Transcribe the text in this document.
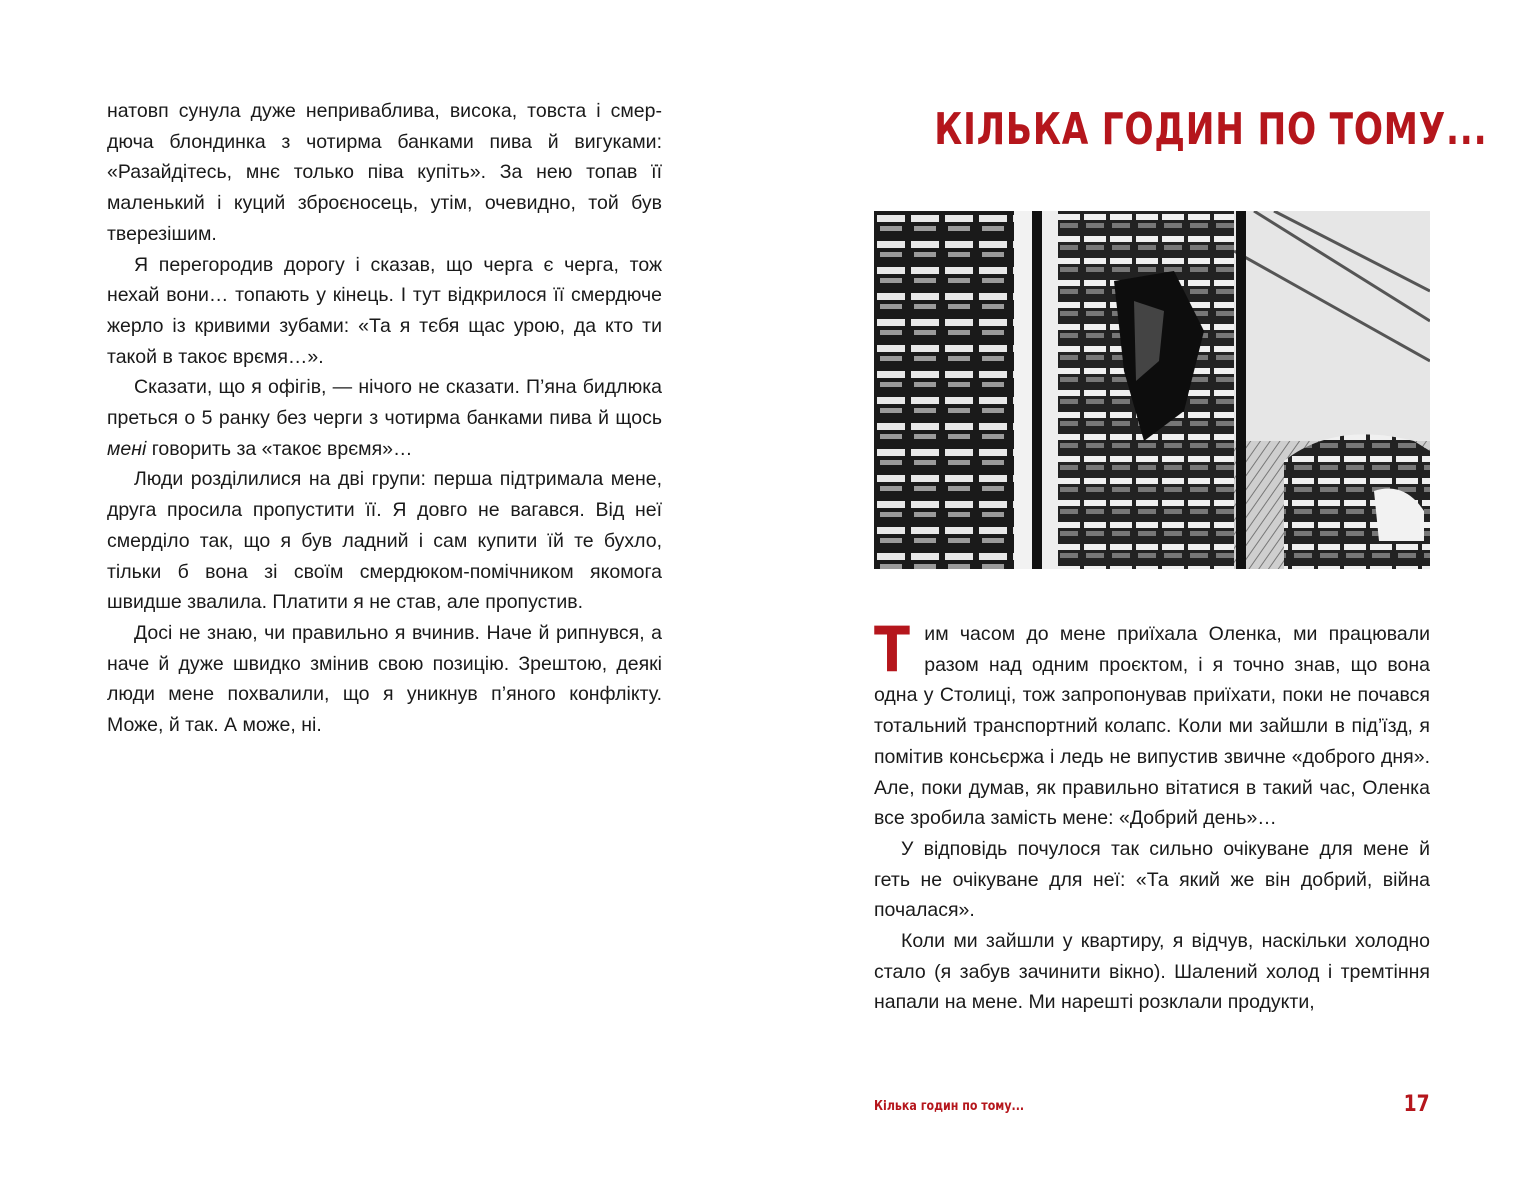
натовп сунула дуже неприваблива, висока, товста і смердюча блондинка з чотирма банками пива й вигуками: «Разайдітесь, мнє только піва купіть». За нею топав її маленький і куций зброєносець, утім, очевидно, той був тверезішим.

Я перегородив дорогу і сказав, що черга є черга, тож нехай вони… топають у кінець. І тут відкрилося її смердюче жерло із кривими зубами: «Та я тєбя щас урою, да кто ти такой в такоє врємя…».

Сказати, що я офігів, — нічого не сказати. П’яна бидлюка преться о 5 ранку без черги з чотирма банками пива й щось мені говорить за «такоє врємя»…

Люди розділилися на дві групи: перша підтримала мене, друга просила пропустити її. Я довго не вагався. Від неї смерділо так, що я був ладний і сам купити їй те бухло, тільки б вона зі своїм смердюком-помічником якомога швидше звалила. Платити я не став, але пропустив.

Досі не знаю, чи правильно я вчинив. Наче й рипнувся, а наче й дуже швидко змінив свою позицію. Зрештою, деякі люди мене похвалили, що я уникнув п’яного конфлікту. Може, й так. А може, ні.

КІЛЬКА ГОДИН ПО ТОМУ...

Тим часом до мене приїхала Оленка, ми працювали разом над одним проєктом, і я точно знав, що вона одна у Столиці, тож запропонував приїхати, поки не почався тотальний транспортний колапс. Коли ми зайшли в під’їзд, я помітив консьєржа і ледь не випустив звичне «доброго дня». Але, поки думав, як правильно вітатися в такий час, Оленка все зробила замість мене: «Добрий день»…

У відповідь почулося так сильно очікуване для мене й геть не очікуване для неї: «Та який же він добрий, війна почалася».

Коли ми зайшли у квартиру, я відчув, наскільки холодно стало (я забув зачинити вікно). Шалений холод і тремтіння напали на мене. Ми нарешті розклали продукти,

Кілька годин по тому...	17
